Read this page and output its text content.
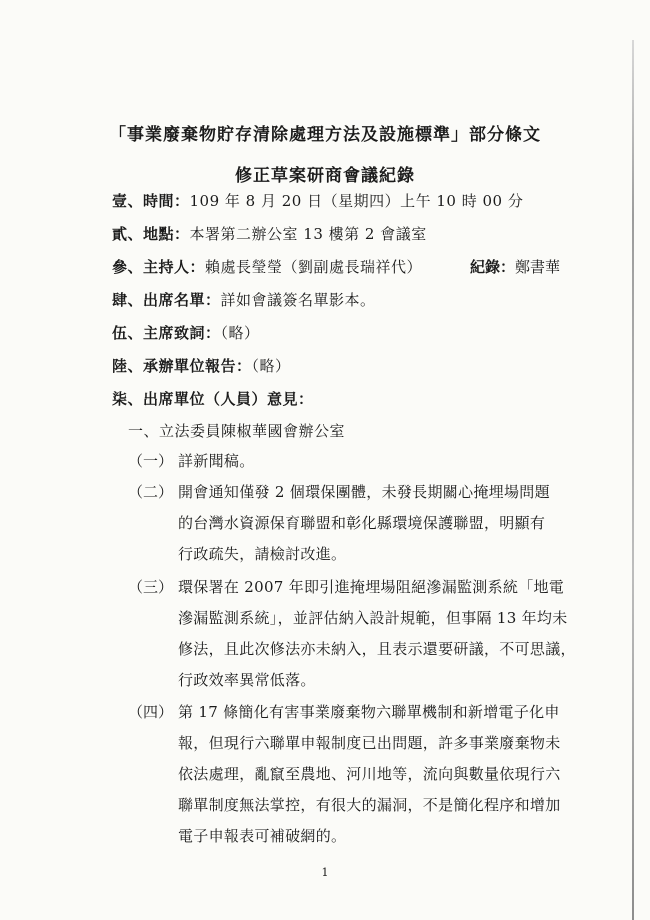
「事業廢棄物貯存清除處理方法及設施標準」部分條文
修正草案研商會議紀錄
壹、時間：109 年 8 月 20 日（星期四）上午 10 時 00 分
貳、地點：本署第二辦公室 13 樓第 2 會議室
參、主持人：賴處長瑩瑩（劉副處長瑞祥代）	紀錄：鄭書華
肆、出席名單：詳如會議簽名單影本。
伍、主席致詞：（略）
陸、承辦單位報告：（略）
柒、出席單位（人員）意見：
一、立法委員陳椒華國會辦公室
（一） 詳新聞稿。
（二） 開會通知僅發 2 個環保團體，未發長期關心掩埋場問題
的台灣水資源保育聯盟和彰化縣環境保護聯盟，明顯有
行政疏失，請檢討改進。
（三） 環保署在 2007 年即引進掩埋場阻絕滲漏監測系統「地電
滲漏監測系統」，並評估納入設計規範，但事隔 13 年均未
修法，且此次修法亦未納入，且表示還要研議，不可思議，
行政效率異常低落。
（四） 第 17 條簡化有害事業廢棄物六聯單機制和新增電子化申
報，但現行六聯單申報制度已出問題，許多事業廢棄物未
依法處理，亂竄至農地、河川地等，流向與數量依現行六
聯單制度無法掌控，有很大的漏洞，不是簡化程序和增加
電子申報表可補破網的。
1
